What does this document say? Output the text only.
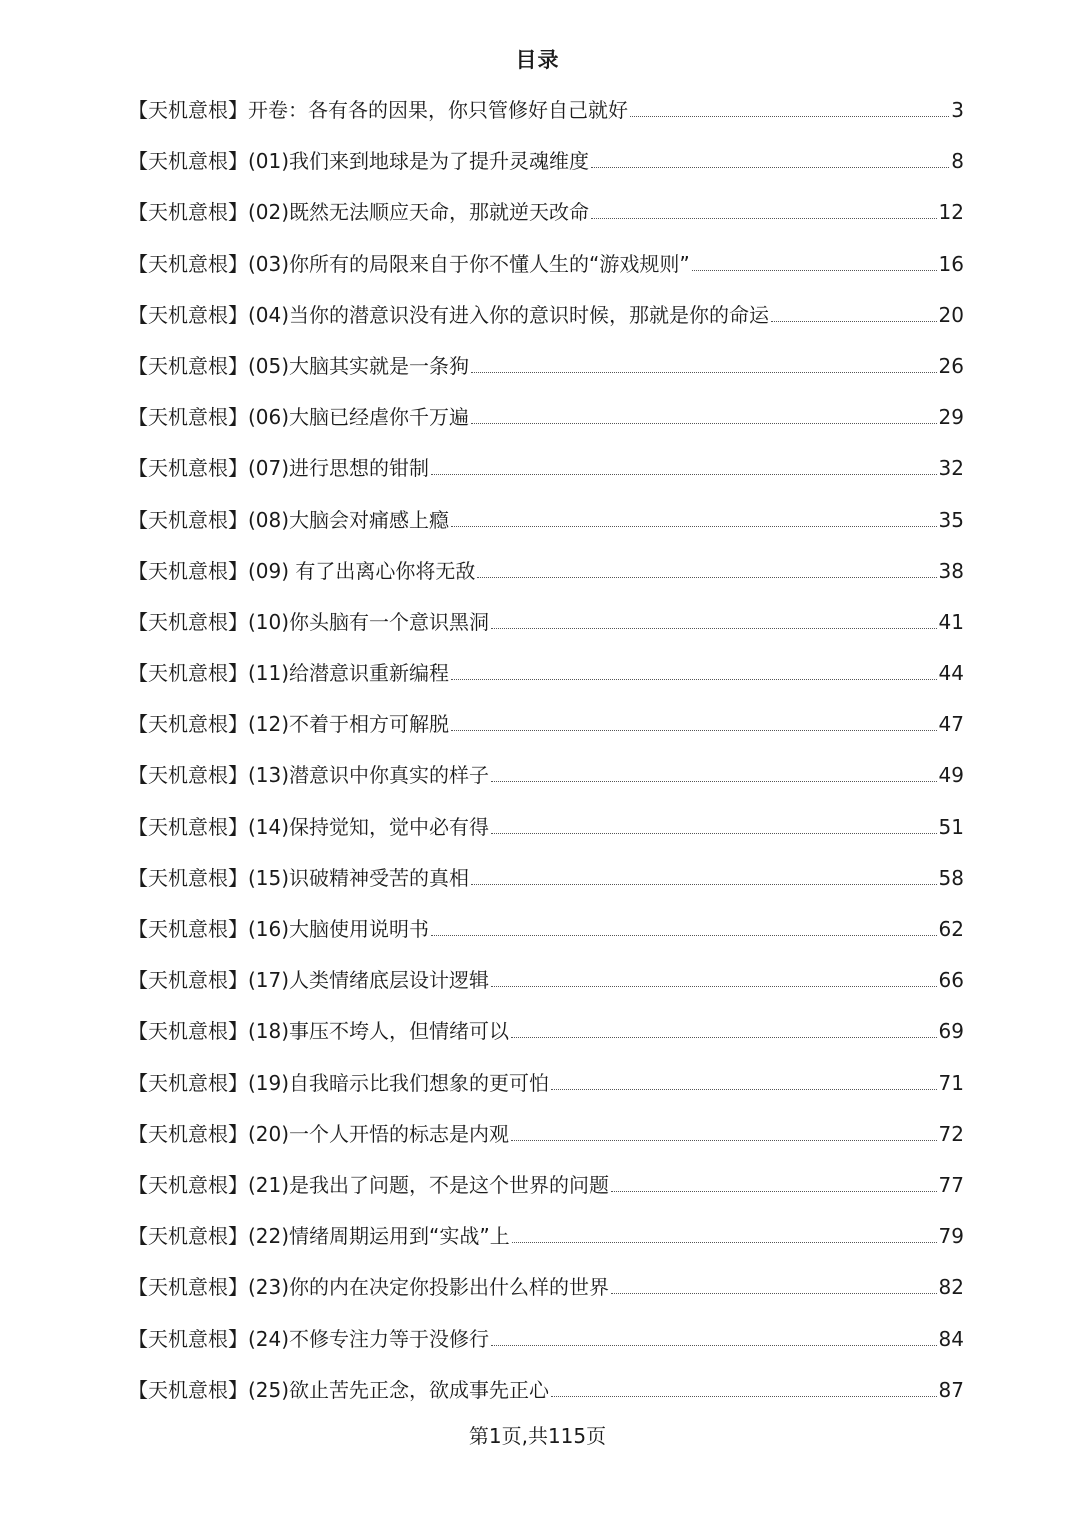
目录
【天机意根】 开卷：各有各的因果，你只管修好自己就好	3
【天机意根】 (01)我们来到地球是为了提升灵魂维度	8
【天机意根】 (02)既然无法顺应天命，那就逆天改命	12
【天机意根】 (03)你所有的局限来自于你不懂人生的“游戏规则”	16
【天机意根】 (04)当你的潜意识没有进入你的意识时候，那就是你的命运	20
【天机意根】 (05)大脑其实就是一条狗	26
【天机意根】 (06)大脑已经虐你千万遍	29
【天机意根】 (07)进行思想的钳制	32
【天机意根】 (08)大脑会对痛感上瘾	35
【天机意根】 (09) 有了出离心你将无敌	38
【天机意根】 (10)你头脑有一个意识黑洞	41
【天机意根】 (11)给潜意识重新编程	44
【天机意根】 (12)不着于相方可解脱	47
【天机意根】 (13)潜意识中你真实的样子	49
【天机意根】 (14)保持觉知，觉中必有得	51
【天机意根】 (15)识破精神受苦的真相	58
【天机意根】 (16)大脑使用说明书	62
【天机意根】 (17)人类情绪底层设计逻辑	66
【天机意根】 (18)事压不垮人，但情绪可以	69
【天机意根】 (19)自我暗示比我们想象的更可怕	71
【天机意根】 (20)一个人开悟的标志是内观	72
【天机意根】 (21)是我出了问题，不是这个世界的问题	77
【天机意根】 (22)情绪周期运用到“实战”上	79
【天机意根】 (23)你的内在决定你投影出什么样的世界	82
【天机意根】 (24)不修专注力等于没修行	84
【天机意根】 (25)欲止苦先正念，欲成事先正心	87
第1页,共115页
